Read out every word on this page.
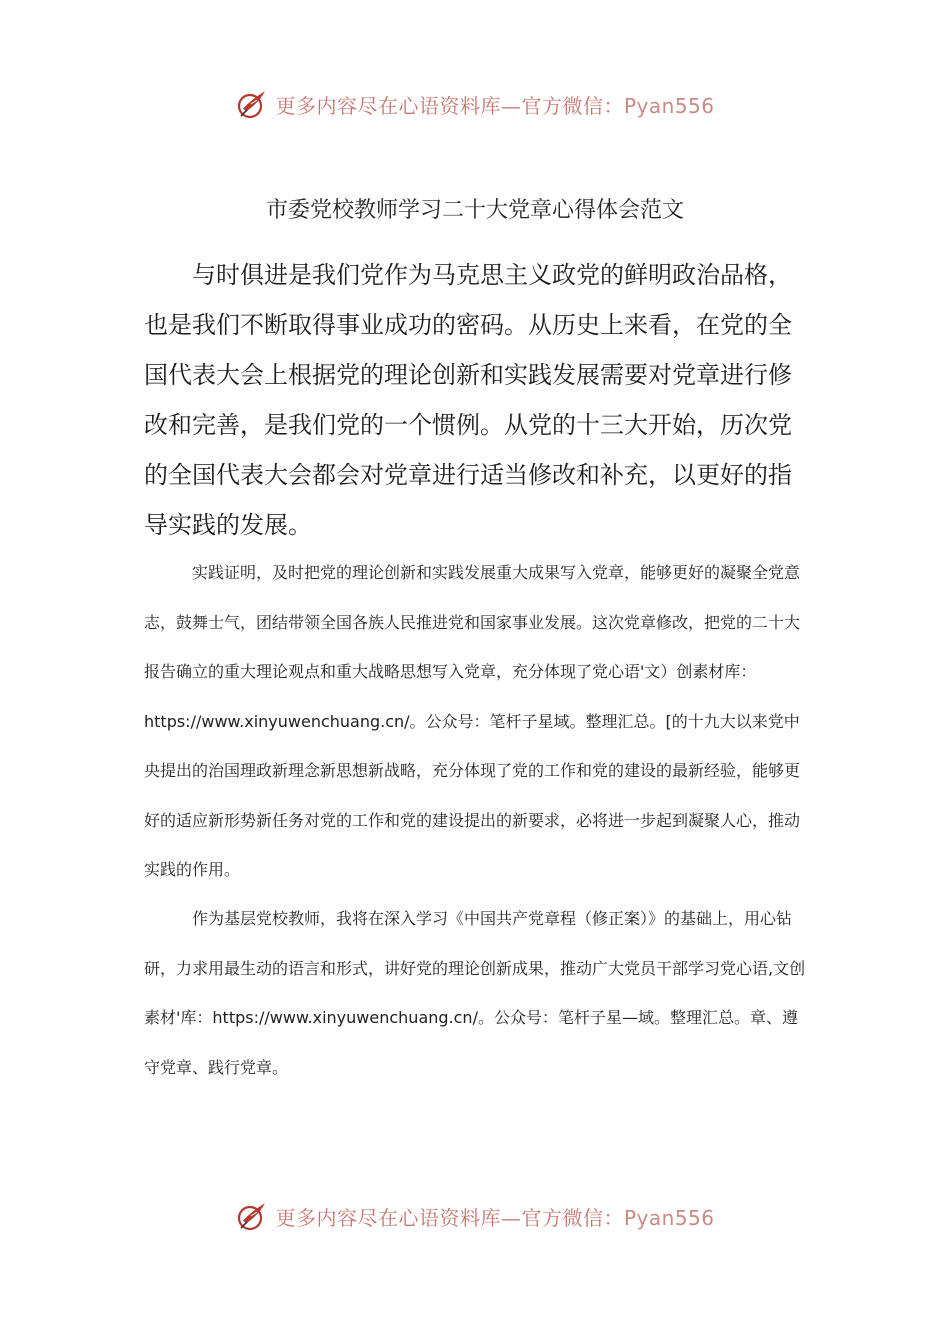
更多内容尽在心语资料库—官方微信：Pyan556
市委党校教师学习二十大党章心得体会范文

与时俱进是我们党作为马克思主义政党的鲜明政治品格，也是我们不断取得事业成功的密码。从历史上来看，在党的全国代表大会上根据党的理论创新和实践发展需要对党章进行修改和完善，是我们党的一个惯例。从党的十三大开始，历次党的全国代表大会都会对党章进行适当修改和补充，以更好的指导实践的发展。

实践证明，及时把党的理论创新和实践发展重大成果写入党章，能够更好的凝聚全党意志，鼓舞士气，团结带领全国各族人民推进党和国家事业发展。这次党章修改，把党的二十大报告确立的重大理论观点和重大战略思想写入党章，充分体现了党心语'文）创素材库：https://www.xinyuwenchuang.cn/。公众号：笔杆子星域。整理汇总。[的十九大以来党中央提出的治国理政新理念新思想新战略，充分体现了党的工作和党的建设的最新经验，能够更好的适应新形势新任务对党的工作和党的建设提出的新要求，必将进一步起到凝聚人心，推动实践的作用。

作为基层党校教师，我将在深入学习《中国共产党章程（修正案）》的基础上，用心钻研，力求用最生动的语言和形式，讲好党的理论创新成果，推动广大党员干部学习党心语,文创素材'库：https://www.xinyuwenchuang.cn/。公众号：笔杆子星—域。整理汇总。章、遵守党章、践行党章。

更多内容尽在心语资料库—官方微信：Pyan556
